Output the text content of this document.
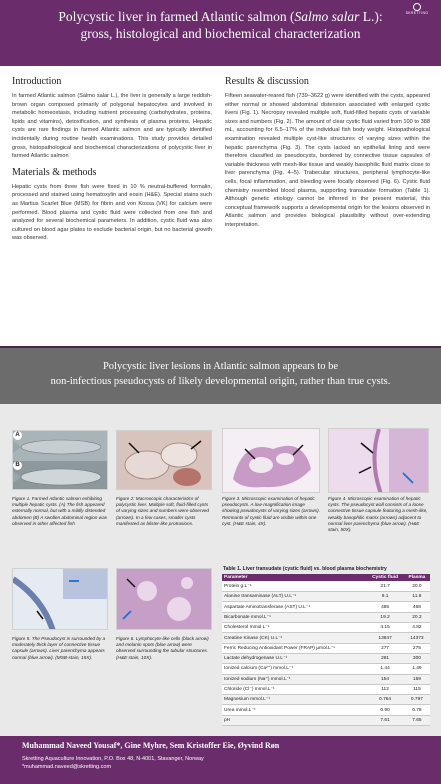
Polycystic liver in farmed Atlantic salmon (Salmo salar L.):
gross, histological and biochemical characterization
SKRETTING
Introduction

In farmed Atlantic salmon (Salmo salar L.), the liver is generally a large reddish-brown organ composed primarily of polygonal hepatocytes and involved in metabolic homeostasis, including nutrient processing (carbohydrates, proteins, lipids and vitamins), detoxification, and synthesis of plasma proteins. Hepatic cysts are rare findings in farmed Atlantic salmon and are typically identified incidentally during routine health examinations. This study provides detailed gross, histopathological and biochemical characterizations of polycystic liver in farmed Atlantic salmon

Materials & methods

Hepatic cysts from three fish were fixed in 10 % neutral-buffered formalin, processed and stained using hematoxylin and eosin (H&E). Special stains such as Martius Scarlet Blue (MSB) for fibrin and von Kossa (VK) for calcium were performed. Blood plasma and cystic fluid were collected from one fish and analyzed for several biochemical parameters. In addition, cystic fluid was also cultured on blood agar plates to exclude bacterial origin, but no bacterial growth was observed.

Results & discussion

Fifteen seawater-reared fish (739–3622 g) were identified with the cysts, appeared either normal or showed abdominal distension associated with enlarged cystic livers (Fig. 1). Necropsy revealed multiple soft, fluid-filled hepatic cysts of variable sizes and numbers (Fig. 2). The amount of clear cystic fluid varied from 100 to 388 mL, accounting for 6.5–17% of the individual fish body weight. Histopathological examination revealed multiple cyst-like structures of varying sizes within the hepatic parenchyma (Fig. 3). The cysts lacked an epithelial lining and were therefore classified as pseudocysts, bordered by connective tissue capsules of variable thickness with mesh-like tissue and weakly basophilic fluid matrix close to liver parenchyma (Fig. 4–5). Trabecular structures, peripheral lymphocyte-like cells, focal inflammation, and bleeding were focally observed (Fig. 6). Cystic fluid chemistry resembled blood plasma, supporting transudate formation (Table 1). Although genetic etiology cannot be inferred in the present material, this conceptual framework supports a developmental origin for the lesions observed in Atlantic salmon and provides biological plausibility without over-extending interpretation.

Polycystic liver lesions in Atlantic salmon appears to be
non-infectious pseudocysts of likely developmental origin, rather than true cysts.
A
B
Figure 1. Farmed Atlantic salmon exhibiting multiple hepatic cysts. (A) The fish appeared externally normal, but with a mildly distended abdomen (B) A swollen abdominal region was observed in other affected fish
Figure 2: Macroscopic characteristics of polycystic liver. Multiple soft, fluid-filled cysts of varying sizes and numbers were observed (arrows). In a few cases, smaller cysts manifested as blister-like protrusions.
Figure 3. Microscopic examination of hepatic pseudocysts. A low-magnification image showing pseudocysts of varying sizes (arrows). Remnants of cystic fluid are visible within one cyst. (H&E stain, 4X).
Figure 4. Microscopic examination of hepatic cysts. The pseudocyst wall consists of a loose connective tissue capsule featuring a mesh-like, weakly basophilic matrix (arrows) adjacent to normal liver parenchyma (blue arrow). (H&E stain, 50X).
Figure 5. The Pseudocyst is surrounded by a moderately thick layer of connective tissue capsule (arrows). Liver parenchyma appears normal (blue arrow). (MSB-stain, 15X).
Figure 6. Lymphocyte-like cells (black arrow) and melanin spots (blue arrow) were observed surrounding the tubular structures. (H&E stain, 10X).
Table 1. Liver transudate (cystic fluid) vs. blood plasma biochemistry
Parameter	Cystic fluid	Plasma
Protein g.L⁻¹	21.7	20.0
Alanine transaminase (ALT) U.L⁻¹	9.1	11.8
Aspartate Aminotransferase (AST) U.L⁻¹	485	468
Bicarbonate mmol.L⁻¹	19.2	20.3
Cholesterol mmol.L⁻¹	4.15	4.82
Creatine Kinase (CK) U.L⁻¹	13847	14373
Ferric Reducing Antioxidant Power (FRAP) μmol.L⁻¹	277	275
Lactate dehydrogenase U.L⁻¹	281	300
Ionized calcium (Ca²⁺) mmol.L⁻¹	1.44	1.49
Ionized sodium (Na⁺) mmol.L⁻¹	154	159
Chloride (Cl⁻) mmol.L⁻¹	112	115
Magnesium mmol.L⁻¹	0.764	0.797
Urea mmol.L⁻¹	0.90	0.78
pH	7.61	7.65
Muhammad Naveed Yousaf*, Gine Myhre, Sem Kristoffer Eie, Øyvind Røn
Skretting Aquaculture Innovation, P.O. Box 48, N-4001, Stavanger, Norway
*muhammad.naveed@skretting.com
